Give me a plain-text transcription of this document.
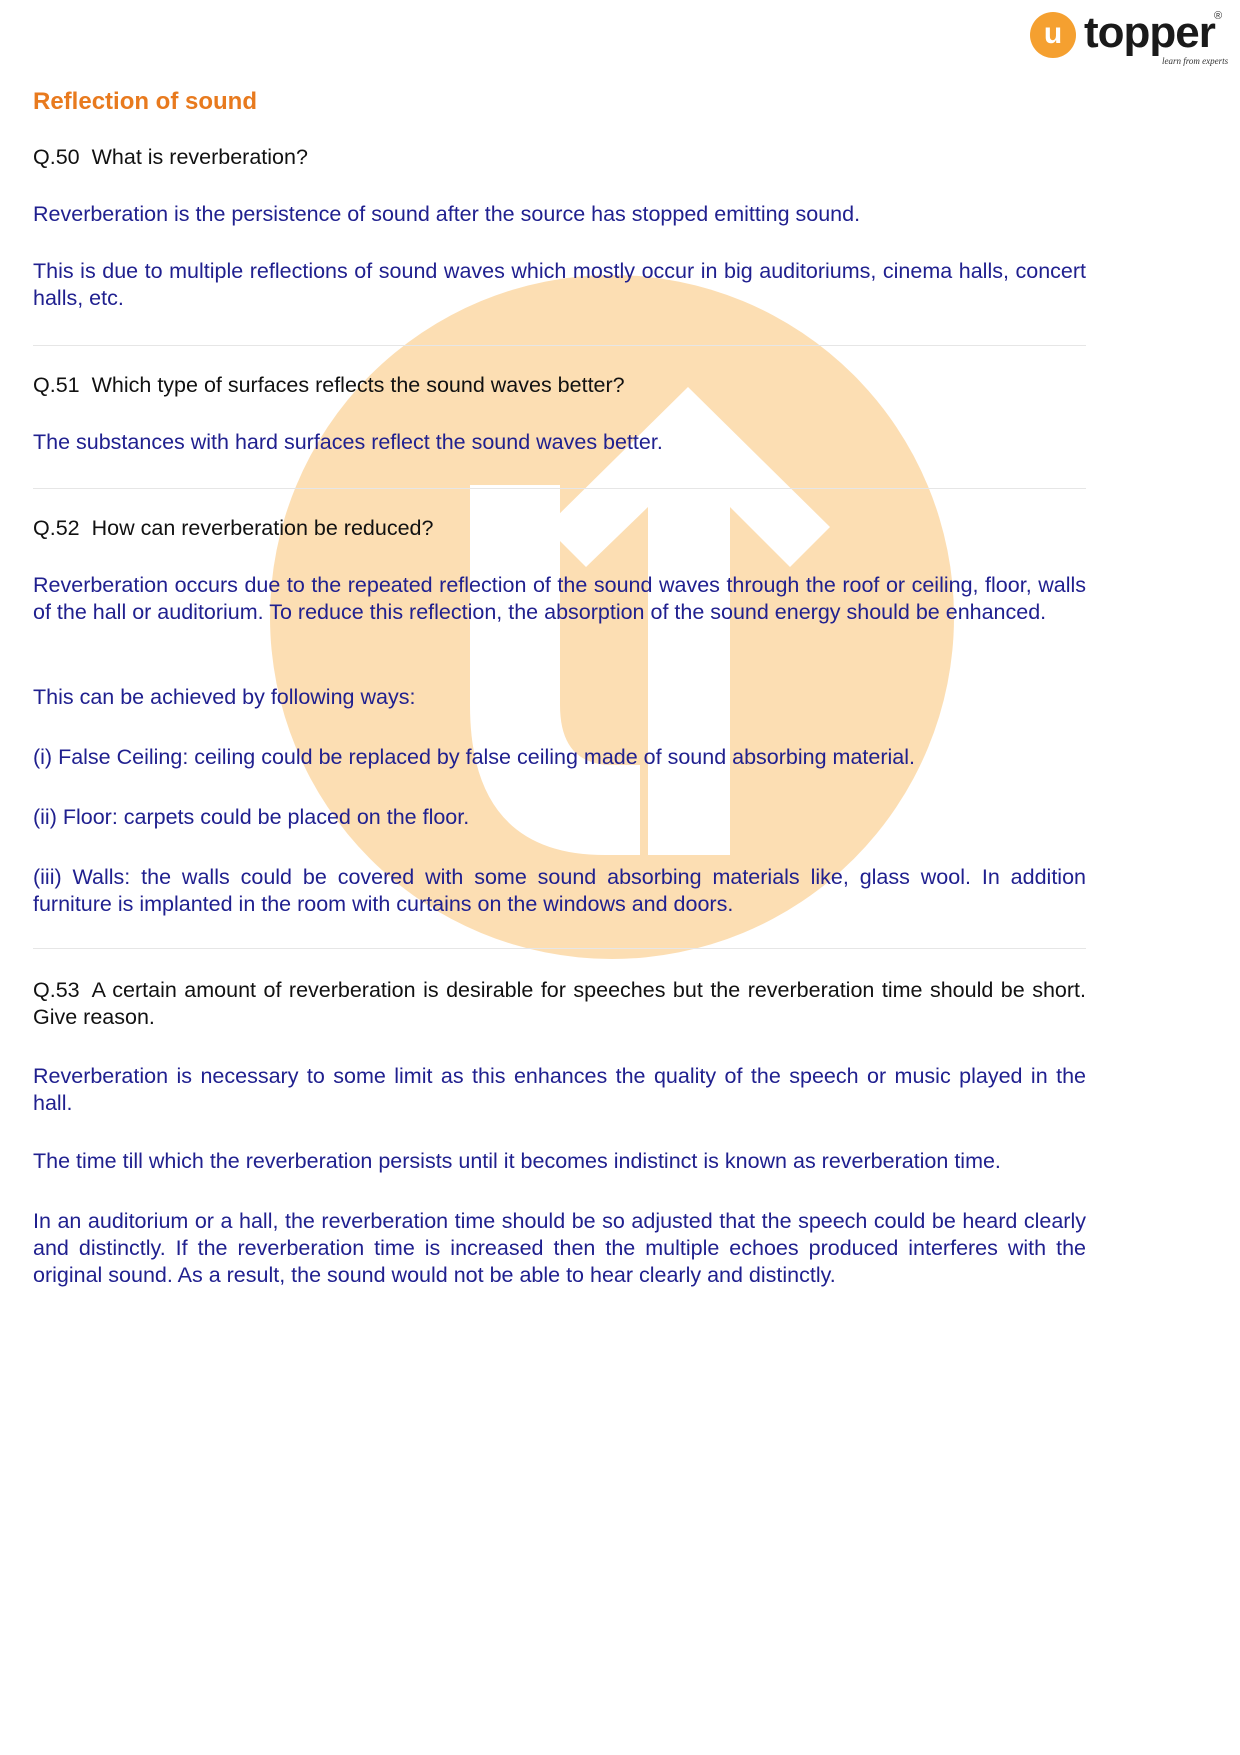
u topper ®
learn from experts
Reflection of sound

Q.50 What is reverberation?

Reverberation is the persistence of sound after the source has stopped emitting sound.

This is due to multiple reflections of sound waves which mostly occur in big auditoriums, cinema halls, concert halls, etc.

Q.51 Which type of surfaces reflects the sound waves better?

The substances with hard surfaces reflect the sound waves better.

Q.52 How can reverberation be reduced?

Reverberation occurs due to the repeated reflection of the sound waves through the roof or ceiling, floor, walls of the hall or auditorium. To reduce this reflection, the absorption of the sound energy should be enhanced.

This can be achieved by following ways:

(i) False Ceiling: ceiling could be replaced by false ceiling made of sound absorbing material.

(ii) Floor: carpets could be placed on the floor.

(iii) Walls: the walls could be covered with some sound absorbing materials like, glass wool. In addition furniture is implanted in the room with curtains on the windows and doors.

Q.53 A certain amount of reverberation is desirable for speeches but the reverberation time should be short. Give reason.

Reverberation is necessary to some limit as this enhances the quality of the speech or music played in the hall.

The time till which the reverberation persists until it becomes indistinct is known as reverberation time.

In an auditorium or a hall, the reverberation time should be so adjusted that the speech could be heard clearly and distinctly. If the reverberation time is increased then the multiple echoes produced interferes with the original sound. As a result, the sound would not be able to hear clearly and distinctly.
